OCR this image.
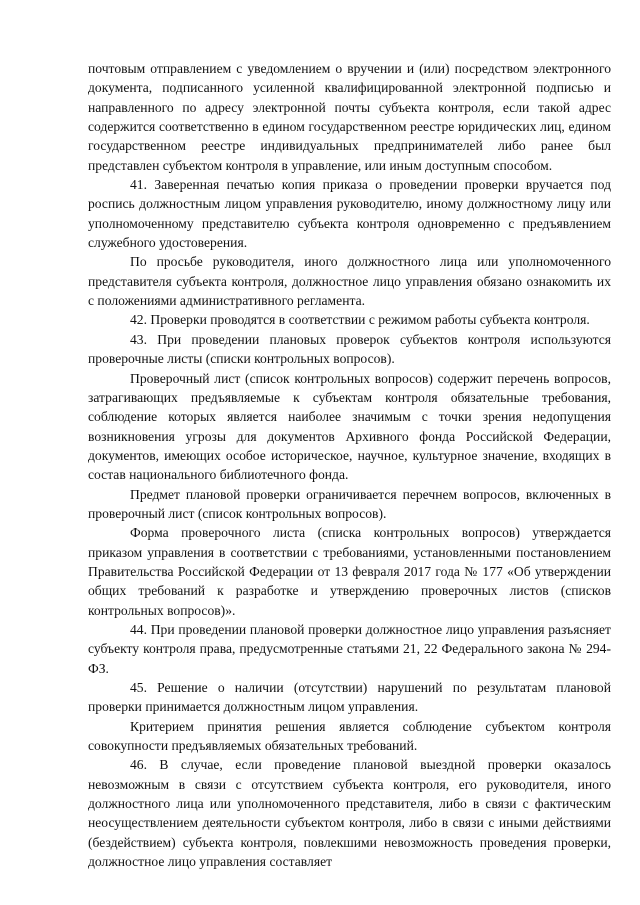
почтовым отправлением с уведомлением о вручении и (или) посредством электронного документа, подписанного усиленной квалифицированной электронной подписью и направленного по адресу электронной почты субъекта контроля, если такой адрес содержится соответственно в едином государственном реестре юридических лиц, едином государственном реестре индивидуальных предпринимателей либо ранее был представлен субъектом контроля в управление, или иным доступным способом.

41. Заверенная печатью копия приказа о проведении проверки вручается под роспись должностным лицом управления руководителю, иному должностному лицу или уполномоченному представителю субъекта контроля одновременно с предъявлением служебного удостоверения.

По просьбе руководителя, иного должностного лица или уполномоченного представителя субъекта контроля, должностное лицо управления обязано ознакомить их с положениями административного регламента.

42. Проверки проводятся в соответствии с режимом работы субъекта контроля.

43. При проведении плановых проверок субъектов контроля используются проверочные листы (списки контрольных вопросов).

Проверочный лист (список контрольных вопросов) содержит перечень вопросов, затрагивающих предъявляемые к субъектам контроля обязательные требования, соблюдение которых является наиболее значимым с точки зрения недопущения возникновения угрозы для документов Архивного фонда Российской Федерации, документов, имеющих особое историческое, научное, культурное значение, входящих в состав национального библиотечного фонда.

Предмет плановой проверки ограничивается перечнем вопросов, включенных в проверочный лист (список контрольных вопросов).

Форма проверочного листа (списка контрольных вопросов) утверждается приказом управления в соответствии с требованиями, установленными постановлением Правительства Российской Федерации от 13 февраля 2017 года № 177 «Об утверждении общих требований к разработке и утверждению проверочных листов (списков контрольных вопросов)».

44. При проведении плановой проверки должностное лицо управления разъясняет субъекту контроля права, предусмотренные статьями 21, 22 Федерального закона № 294-ФЗ.

45. Решение о наличии (отсутствии) нарушений по результатам плановой проверки принимается должностным лицом управления.

Критерием принятия решения является соблюдение субъектом контроля совокупности предъявляемых обязательных требований.

46. В случае, если проведение плановой выездной проверки оказалось невозможным в связи с отсутствием субъекта контроля, его руководителя, иного должностного лица или уполномоченного представителя, либо в связи с фактическим неосуществлением деятельности субъектом контроля, либо в связи с иными действиями (бездействием) субъекта контроля, повлекшими невозможность проведения проверки, должностное лицо управления составляет
